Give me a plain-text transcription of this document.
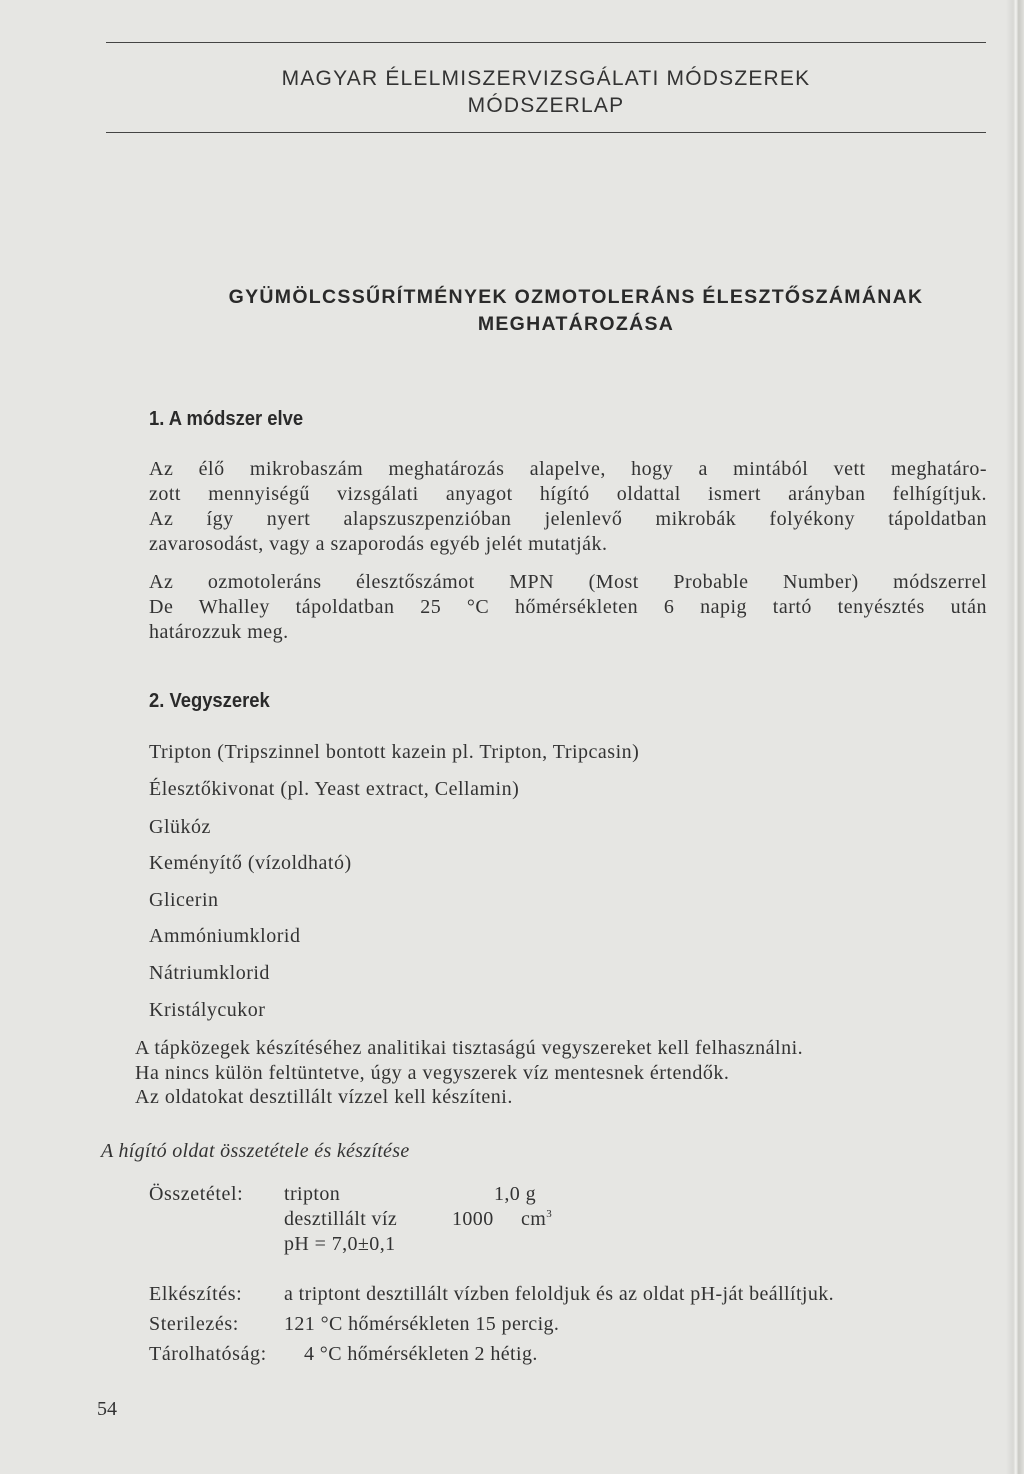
MAGYAR ÉLELMISZERVIZSGÁLATI MÓDSZEREK
MÓDSZERLAP
GYÜMÖLCSSŰRÍTMÉNYEK OZMOTOLERÁNS ÉLESZTŐSZÁMÁNAK
MEGHATÁROZÁSA
1. A módszer elve
Az élő mikrobaszám meghatározás alapelve, hogy a mintából vett meghatáro-
zott mennyiségű vizsgálati anyagot hígító oldattal ismert arányban felhígítjuk.
Az így nyert alapszuszpenzióban jelenlevő mikrobák folyékony tápoldatban
zavarosodást, vagy a szaporodás egyéb jelét mutatják.
Az ozmotoleráns élesztőszámot MPN (Most Probable Number) módszerrel
De Whalley tápoldatban 25 °C hőmérsékleten 6 napig tartó tenyésztés után
határozzuk meg.
2. Vegyszerek
Tripton (Tripszinnel bontott kazein pl. Tripton, Tripcasin)
Élesztőkivonat (pl. Yeast extract, Cellamin)
Glükóz
Keményítő (vízoldható)
Glicerin
Ammóniumklorid
Nátriumklorid
Kristálycukor
A tápközegek készítéséhez analitikai tisztaságú vegyszereket kell felhasználni.
Ha nincs külön feltüntetve, úgy a vegyszerek víz mentesnek értendők.
Az oldatokat desztillált vízzel kell készíteni.
A hígító oldat összetétele és készítése
Összetétel: tripton	1,0 g
desztillált víz	1000 $cm^3$
pH = 7,0±0,1
Elkészítés: a triptont desztillált vízben feloldjuk és az oldat pH-ját beállítjuk.
Sterilezés: 121 °C hőmérsékleten 15 percig.
Tárolhatóság: 4 °C hőmérsékleten 2 hétig.
54
